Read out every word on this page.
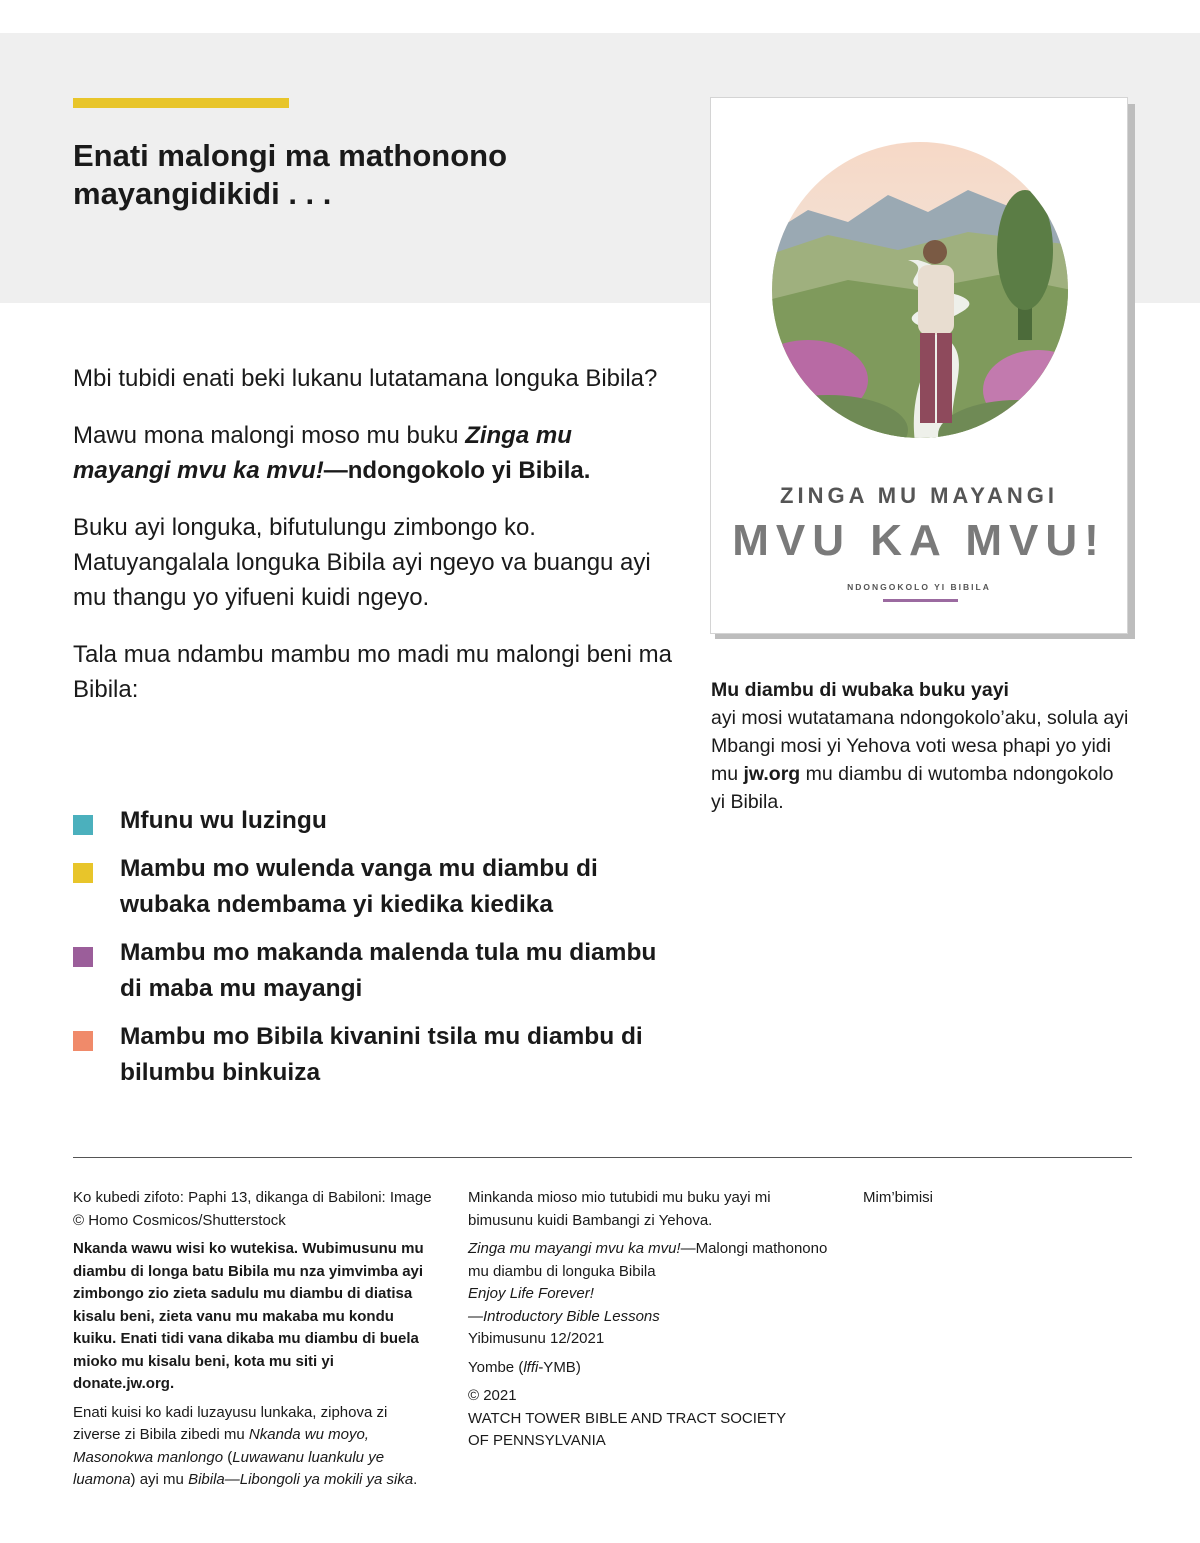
Enati malongi ma mathonono mayangidikidi . . .

Mbi tubidi enati beki lukanu lutatamana longuka Bibila?

Mawu mona malongi moso mu buku Zinga mu mayangi mvu ka mvu!—ndongokolo yi Bibila.

Buku ayi longuka, bifutulungu zimbongo ko. Matuyangalala longuka Bibila ayi ngeyo va buangu ayi mu thangu yo yifueni kuidi ngeyo.

Tala mua ndambu mambu mo madi mu malongi beni ma Bibila:

Mfunu wu luzingu
Mambu mo wulenda vanga mu diambu di wubaka ndembama yi kiedika kiedika
Mambu mo makanda malenda tula mu diambu di maba mu mayangi
Mambu mo Bibila kivanini tsila mu diambu di bilumbu binkuiza
ZINGA MU MAYANGI
MVU KA MVU!
NDONGOKOLO YI BIBILA
Mu diambu di wubaka buku yayi
ayi mosi wutatamana ndongokolo’aku, solula ayi Mbangi mosi yi Yehova voti wesa phapi yo yidi mu jw.org mu diambu di wutomba ndongokolo yi Bibila.

Ko kubedi zifoto: Paphi 13, dikanga di Babiloni: Image © Homo Cosmicos/Shutterstock

Nkanda wawu wisi ko wutekisa. Wubimusunu mu diambu di longa batu Bibila mu nza yimvimba ayi zimbongo zio zieta sadulu mu diambu di diatisa kisalu beni, zieta vanu mu makaba mu kondu kuiku. Enati tidi vana dikaba mu diambu di buela mioko mu kisalu beni, kota mu siti yi donate.jw.org.

Enati kuisi ko kadi luzayusu lunkaka, ziphova zi ziverse zi Bibila zibedi mu Nkanda wu moyo, Masonokwa manlongo (Luwawanu luankulu ye luamona) ayi mu Bibila—Libongoli ya mokili ya sika.

Minkanda mioso mio tutubidi mu buku yayi mi bimusunu kuidi Bambangi zi Yehova.

Zinga mu mayangi mvu ka mvu!—Malongi mathonono mu diambu di longuka Bibila
Enjoy Life Forever!
—Introductory Bible Lessons
Yibimusunu 12/2021

Yombe (lffi-YMB)

© 2021
WATCH TOWER BIBLE AND TRACT SOCIETY
OF PENNSYLVANIA

Mim’bimisi
